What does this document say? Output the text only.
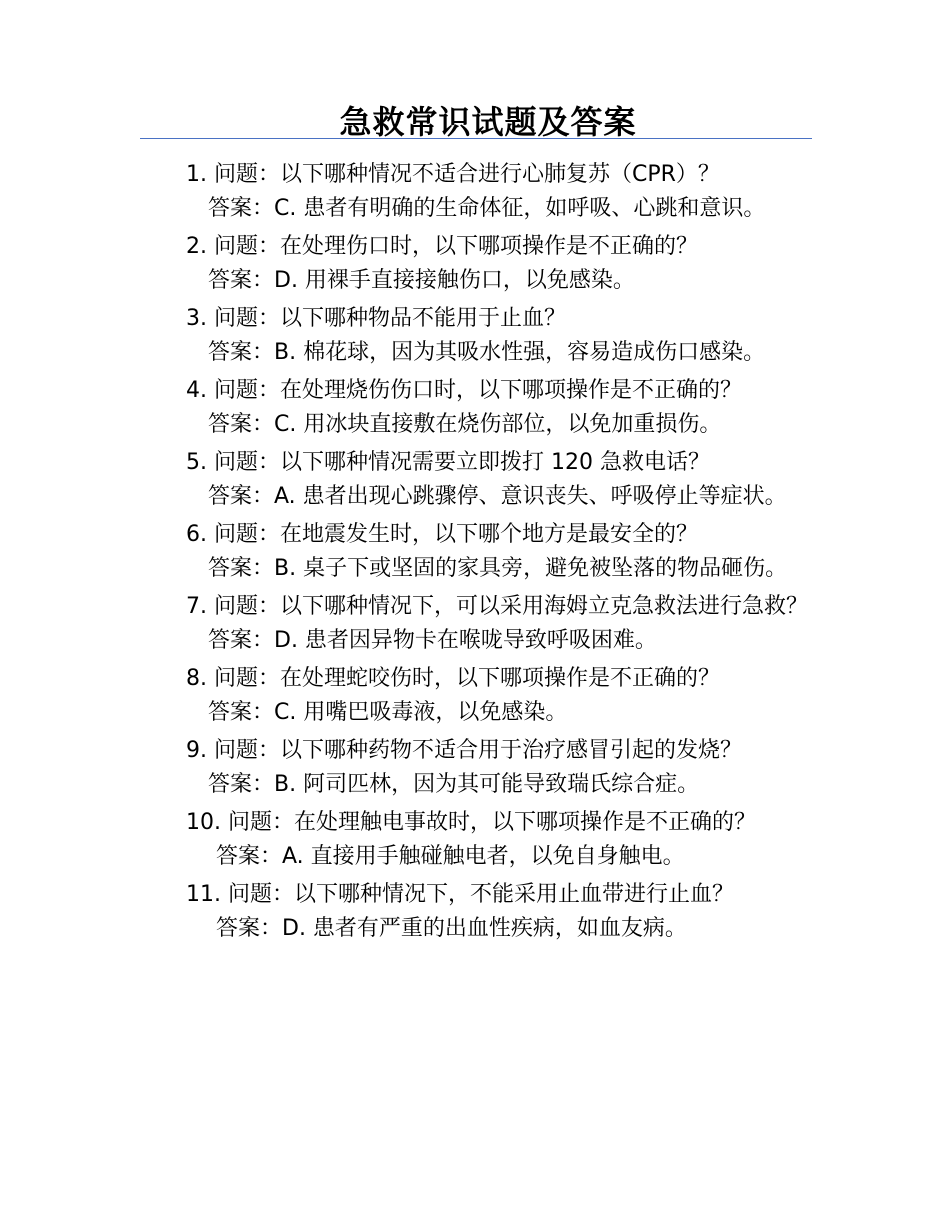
急救常识试题及答案

1. 问题：以下哪种情况不适合进行心肺复苏（CPR）？

答案：C. 患者有明确的生命体征，如呼吸、心跳和意识。

2. 问题：在处理伤口时，以下哪项操作是不正确的？

答案：D. 用裸手直接接触伤口，以免感染。

3. 问题：以下哪种物品不能用于止血？

答案：B. 棉花球，因为其吸水性强，容易造成伤口感染。

4. 问题：在处理烧伤伤口时，以下哪项操作是不正确的？

答案：C. 用冰块直接敷在烧伤部位，以免加重损伤。

5. 问题：以下哪种情况需要立即拨打 120 急救电话？

答案：A. 患者出现心跳骤停、意识丧失、呼吸停止等症状。

6. 问题：在地震发生时，以下哪个地方是最安全的？

答案：B. 桌子下或坚固的家具旁，避免被坠落的物品砸伤。

7. 问题：以下哪种情况下，可以采用海姆立克急救法进行急救？

答案：D. 患者因异物卡在喉咙导致呼吸困难。

8. 问题：在处理蛇咬伤时，以下哪项操作是不正确的？

答案：C. 用嘴巴吸毒液，以免感染。

9. 问题：以下哪种药物不适合用于治疗感冒引起的发烧？

答案：B. 阿司匹林，因为其可能导致瑞氏综合症。

10. 问题：在处理触电事故时，以下哪项操作是不正确的？

答案：A. 直接用手触碰触电者，以免自身触电。

11. 问题：以下哪种情况下，不能采用止血带进行止血？

答案：D. 患者有严重的出血性疾病，如血友病。
